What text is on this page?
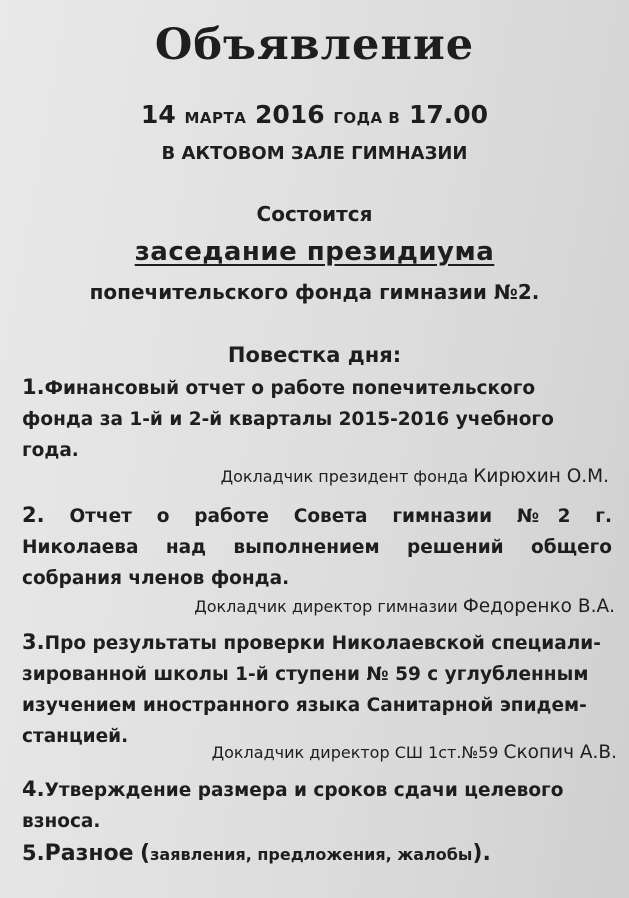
Объявление
14 МАРТА 2016 ГОДА В 17.00
В АКТОВОМ ЗАЛЕ ГИМНАЗИИ
Состоится
заседание президиума
попечительского фонда гимназии №2.
Повестка дня:
1.Финансовый отчет о работе попечительского
фонда за 1-й и 2-й кварталы 2015-2016 учебного
года.
Докладчик президент фонда Кирюхин О.М.
2. Отчет о работе Совета гимназии №2 г.
Николаева над выполнением решений общего
собрания членов фонда.
Докладчик директор гимназии Федоренко В.А.
3.Про результаты проверки Николаевской специали-
зированной школы 1-й ступени № 59 с углубленным
изучением иностранного языка Санитарной эпидем-
станцией.
Докладчик директор СШ 1ст.№59 Скопич А.В.
4.Утверждение размера и сроков сдачи целевого
взноса.
5.Разное (заявления, предложения, жалобы).
